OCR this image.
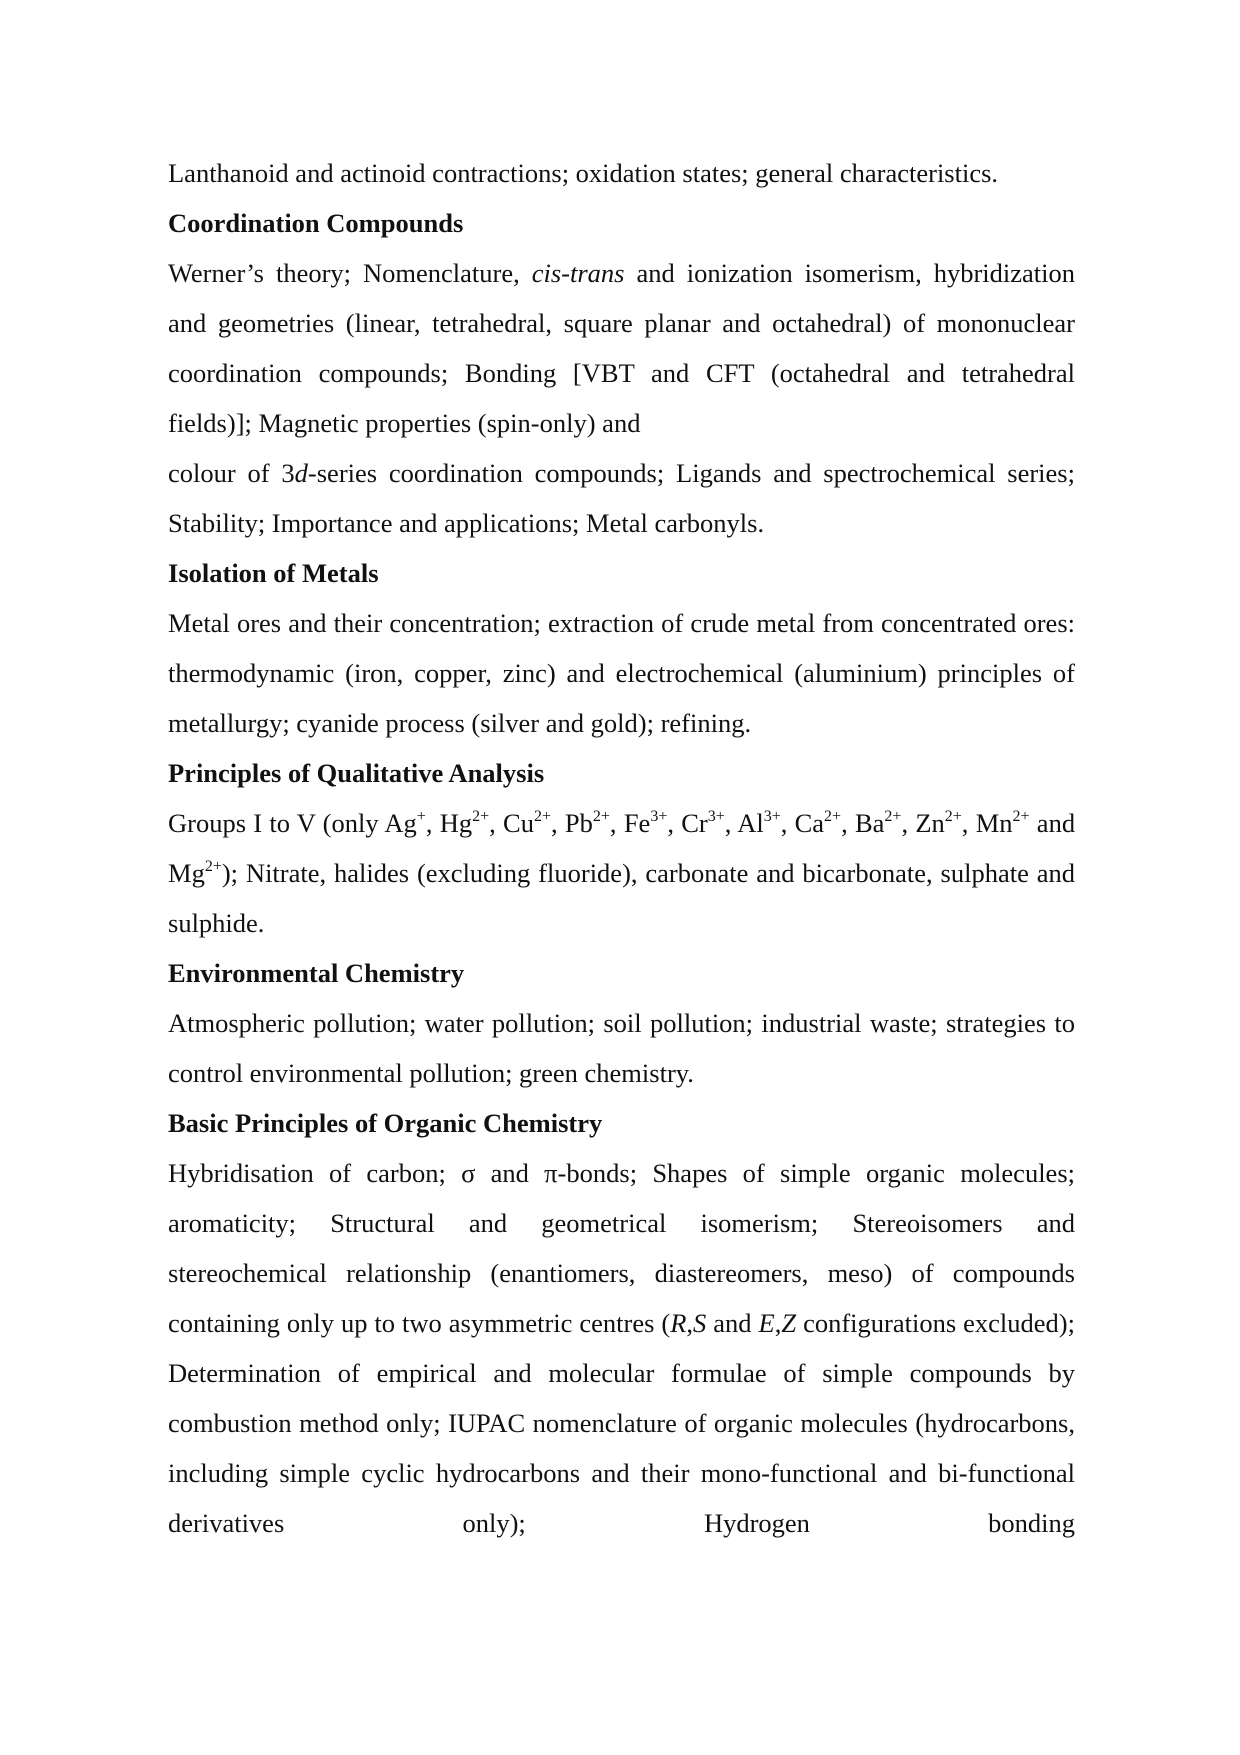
Lanthanoid and actinoid contractions; oxidation states; general characteristics.

Coordination Compounds

Werner’s theory; Nomenclature, cis-trans and ionization isomerism, hybridization and geometries (linear, tetrahedral, square planar and octahedral) of mononuclear coordination compounds; Bonding [VBT and CFT (octahedral and tetrahedral fields)]; Magnetic properties (spin-only) and

colour of 3d-series coordination compounds; Ligands and spectrochemical series; Stability; Importance and applications; Metal carbonyls.

Isolation of Metals

Metal ores and their concentration; extraction of crude metal from concentrated ores: thermodynamic (iron, copper, zinc) and electrochemical (aluminium) principles of metallurgy; cyanide process (silver and gold); refining.

Principles of Qualitative Analysis

Groups I to V (only Ag+, $Hg^{2+}$, $Cu^{2+}$, $Pb^{2+}$, $Fe^{3+}$, $Cr^{3+}$, $Al^{3+}$, $Ca^{2+}$, $Ba^{2+}$, $Zn^{2+}$, $Mn^{2+}$ and $Mg^{2+}$); Nitrate, halides (excluding fluoride), carbonate and bicarbonate, sulphate and sulphide.

Environmental Chemistry

Atmospheric pollution; water pollution; soil pollution; industrial waste; strategies to control environmental pollution; green chemistry.

Basic Principles of Organic Chemistry

Hybridisation of carbon; σ and π-bonds; Shapes of simple organic molecules; aromaticity; Structural and geometrical isomerism; Stereoisomers and stereochemical relationship (enantiomers, diastereomers, meso) of compounds containing only up to two asymmetric centres (R,S and E,Z configurations excluded); Determination of empirical and molecular formulae of simple compounds by combustion method only; IUPAC nomenclature of organic molecules (hydrocarbons, including simple cyclic hydrocarbons and their mono-functional and bi-functional derivatives only); Hydrogen bonding
